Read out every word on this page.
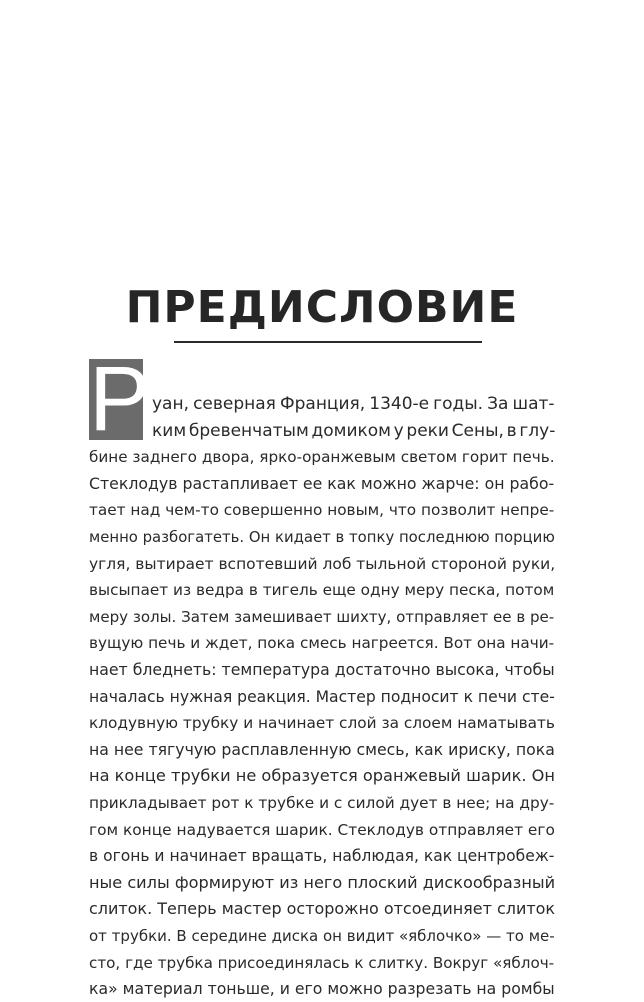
ПРЕДИСЛОВИЕ
Р уан, северная Франция, 1340-е годы. За шат-
ким бревенчатым домиком у реки Сены, в глу-
бине заднего двора, ярко-оранжевым светом горит печь.
Стеклодув растапливает ее как можно жарче: он рабо-
тает над чем-то совершенно новым, что позволит непре-
менно разбогатеть. Он кидает в топку последнюю порцию
угля, вытирает вспотевший лоб тыльной стороной руки,
высыпает из ведра в тигель еще одну меру песка, потом
меру золы. Затем замешивает шихту, отправляет ее в ре-
вущую печь и ждет, пока смесь нагреется. Вот она начи-
нает бледнеть: температура достаточно высока, чтобы
началась нужная реакция. Мастер подносит к печи сте-
клодувную трубку и начинает слой за слоем наматывать
на нее тягучую расплавленную смесь, как ириску, пока
на конце трубки не образуется оранжевый шарик. Он
прикладывает рот к трубке и с силой дует в нее; на дру-
гом конце надувается шарик. Стеклодув отправляет его
в огонь и начинает вращать, наблюдая, как центробеж-
ные силы формируют из него плоский дискообразный
слиток. Теперь мастер осторожно отсоединяет слиток
от трубки. В середине диска он видит «яблочко» — то ме-
сто, где трубка присоединялась к слитку. Вокруг «яблоч-
ка» материал тоньше, и его можно разрезать на ромбы
